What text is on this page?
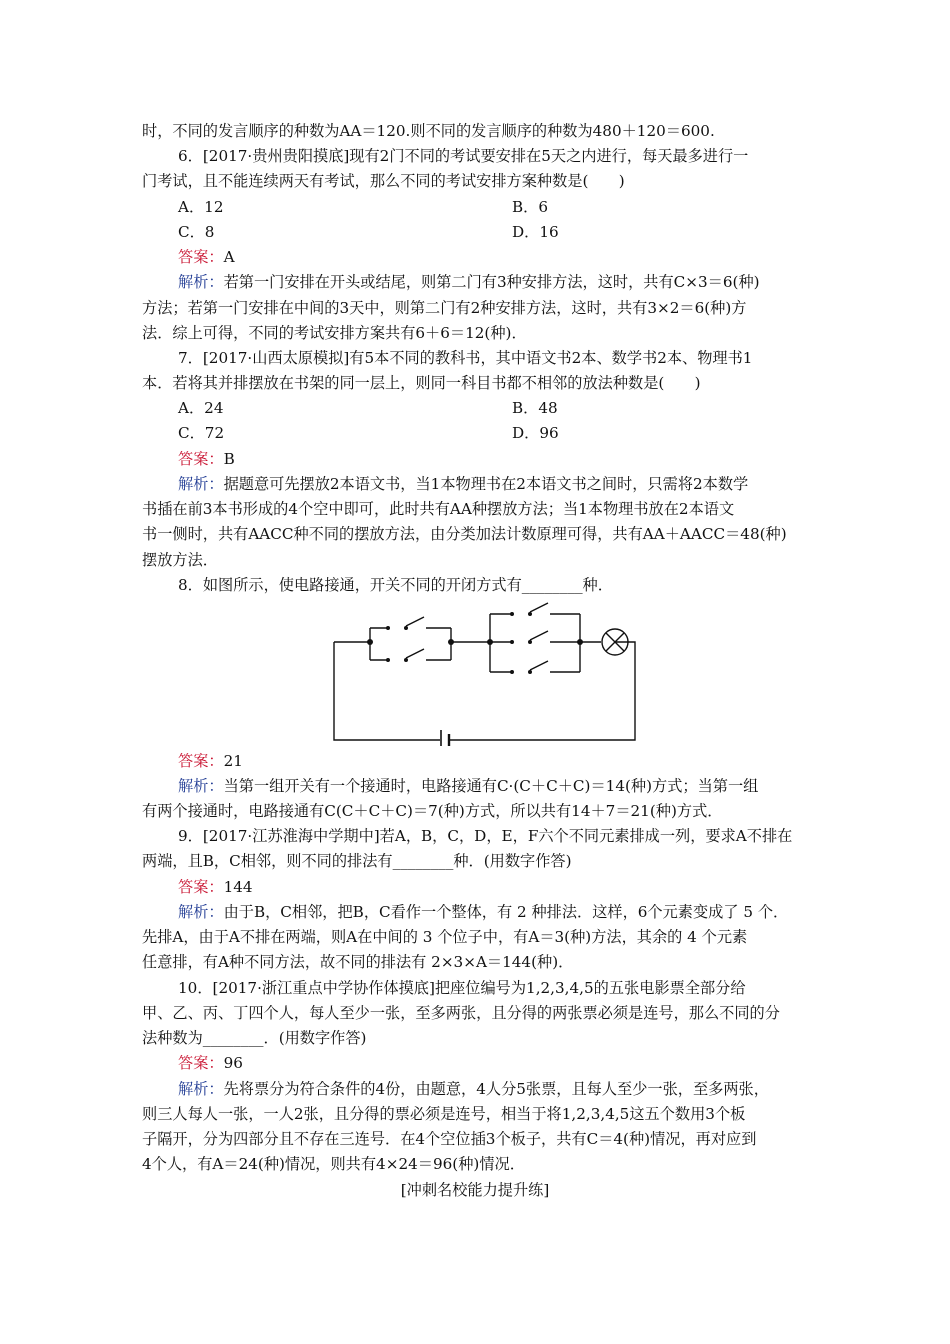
时，不同的发言顺序的种数为AA＝120.则不同的发言顺序的种数为480＋120＝600.
6．[2017·贵州贵阳摸底]现有2门不同的考试要安排在5天之内进行，每天最多进行一
门考试，且不能连续两天有考试，那么不同的考试安排方案种数是(　　)
A．12	B．6
C．8	D．16
答案：A
解析：若第一门安排在开头或结尾，则第二门有3种安排方法，这时，共有C×3＝6(种)
方法；若第一门安排在中间的3天中，则第二门有2种安排方法，这时，共有3×2＝6(种)方
法．综上可得，不同的考试安排方案共有6＋6＝12(种)．
7．[2017·山西太原模拟]有5本不同的教科书，其中语文书2本、数学书2本、物理书1
本．若将其并排摆放在书架的同一层上，则同一科目书都不相邻的放法种数是(　　)
A．24	B．48
C．72	D．96
答案：B
解析：据题意可先摆放2本语文书，当1本物理书在2本语文书之间时，只需将2本数学
书插在前3本书形成的4个空中即可，此时共有AA种摆放方法；当1本物理书放在2本语文
书一侧时，共有AACC种不同的摆放方法，由分类加法计数原理可得，共有AA＋AACC＝48(种)
摆放方法．
8．如图所示，使电路接通，开关不同的开闭方式有________种．
答案：21
解析：当第一组开关有一个接通时，电路接通有C·(C＋C＋C)＝14(种)方式；当第一组
有两个接通时，电路接通有C(C＋C＋C)＝7(种)方式，所以共有14＋7＝21(种)方式．
9．[2017·江苏淮海中学期中]若A，B，C，D，E，F六个不同元素排成一列，要求A不排在
两端，且B，C相邻，则不同的排法有________种．(用数字作答)
答案：144
解析：由于B，C相邻，把B，C看作一个整体，有 2 种排法．这样，6个元素变成了 5 个．
先排A，由于A不排在两端，则A在中间的 3 个位子中，有A＝3(种)方法，其余的 4 个元素
任意排，有A种不同方法，故不同的排法有 2×3×A＝144(种)．
10．[2017·浙江重点中学协作体摸底]把座位编号为1,2,3,4,5的五张电影票全部分给
甲、乙、丙、丁四个人，每人至少一张，至多两张，且分得的两张票必须是连号，那么不同的分
法种数为________．(用数字作答)
答案：96
解析：先将票分为符合条件的4份，由题意，4人分5张票，且每人至少一张，至多两张，
则三人每人一张，一人2张，且分得的票必须是连号，相当于将1,2,3,4,5这五个数用3个板
子隔开，分为四部分且不存在三连号．在4个空位插3个板子，共有C＝4(种)情况，再对应到
4个人，有A＝24(种)情况，则共有4×24＝96(种)情况．
[冲刺名校能力提升练]
